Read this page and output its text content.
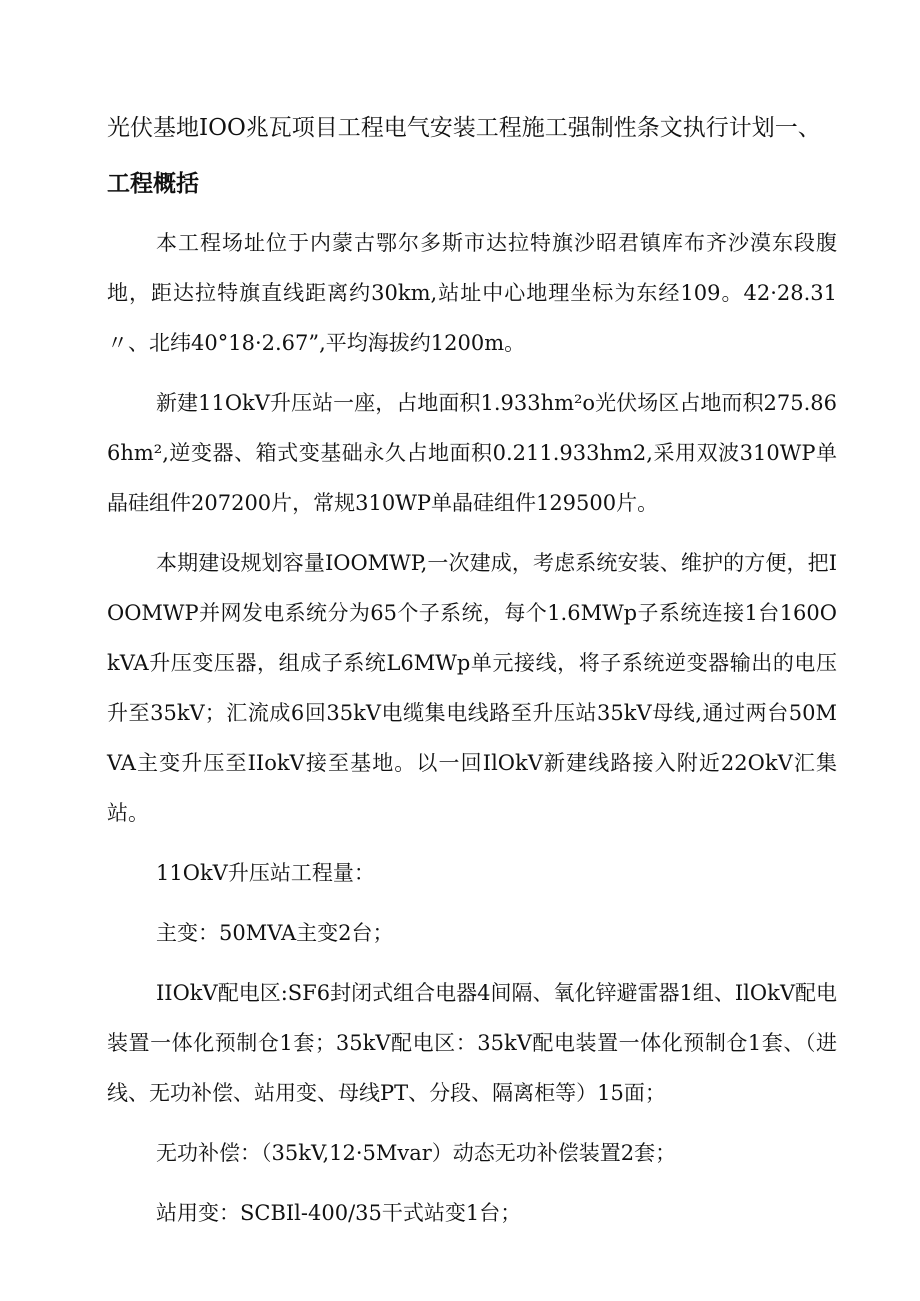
光伏基地IOO兆瓦项目工程电气安装工程施工强制性条文执行计划一、
工程概括

本工程场址位于内蒙古鄂尔多斯市达拉特旗沙昭君镇库布齐沙漠东段腹地，距达拉特旗直线距离约30km,站址中心地理坐标为东经109。42·28.31〃、北纬40°18·2.67”,平均海拔约1200m。

新建11OkV升压站一座，占地面积1.933hm²o光伏场区占地而积275.866hm²,逆变器、箱式变基础永久占地面积0.211.933hm2,采用双波310WP单晶硅组件207200片，常规310WP单晶硅组件129500片。

本期建设规划容量IOOMWP,一次建成，考虑系统安装、维护的方便，把IOOMWP并网发电系统分为65个子系统，每个1.6MWp子系统连接1台160OkVA升压变压器，组成子系统L6MWp单元接线，将子系统逆变器输出的电压升至35kV；汇流成6回35kV电缆集电线路至升压站35kV母线,通过两台50MVA主变升压至IIokV接至基地。以一回IlOkV新建线路接入附近22OkV汇集站。

11OkV升压站工程量：

主变：50MVA主变2台；

IIOkV配电区:SF6封闭式组合电器4间隔、氧化锌避雷器1组、IlOkV配电装置一体化预制仓1套；35kV配电区：35kV配电装置一体化预制仓1套、（进线、无功补偿、站用变、母线PT、分段、隔离柜等）15面；

无功补偿：（35kV,12·5Mvar）动态无功补偿装置2套；

站用变：SCBIl-400/35干式站变1台；
